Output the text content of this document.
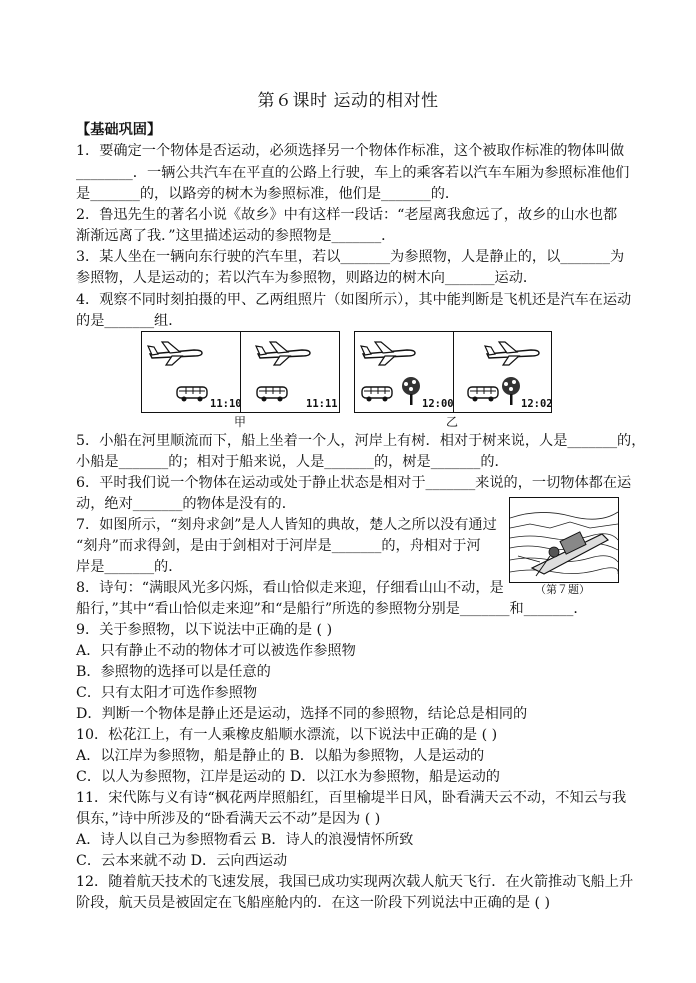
第６课时 运动的相对性
【基础巩固】
1．要确定一个物体是否运动，必须选择另一个物体作标准，这个被取作标准的物体叫做
________．一辆公共汽车在平直的公路上行驶，车上的乘客若以汽车车厢为参照标准他们
是_______的，以路旁的树木为参照标准，他们是_______的．
2．鲁迅先生的著名小说《故乡》中有这样一段话：“老屋离我愈远了，故乡的山水也都
渐渐远离了我．”这里描述运动的参照物是_______．
3．某人坐在一辆向东行驶的汽车里，若以_______为参照物，人是静止的，以_______为
参照物，人是运动的；若以汽车为参照物，则路边的树木向_______运动．
4．观察不同时刻拍摄的甲、乙两组照片（如图所示），其中能判断是飞机还是汽车在运动
的是_______组．
11:10	11:11	12:00	12:02
甲	乙
5．小船在河里顺流而下，船上坐着一个人，河岸上有树．相对于树来说，人是_______的，
小船是_______的；相对于船来说，人是_______的，树是_______的．
6．平时我们说一个物体在运动或处于静止状态是相对于_______来说的，一切物体都在运
动，绝对_______的物体是没有的．
7．如图所示，“刻舟求剑”是人人皆知的典故，楚人之所以没有通过
“刻舟”而求得剑，是由于剑相对于河岸是_______的，舟相对于河
岸是_______的．
8．诗句：“满眼风光多闪烁，看山恰似走来迎，仔细看山山不动，是
船行，”其中“看山恰似走来迎”和“是船行”所选的参照物分别是_______和_______．
9．关于参照物，以下说法中正确的是 ( )
A．只有静止不动的物体才可以被选作参照物
B．参照物的选择可以是任意的
C．只有太阳才可选作参照物
D．判断一个物体是静止还是运动，选择不同的参照物，结论总是相同的
10．松花江上，有一人乘橡皮船顺水漂流，以下说法中正确的是 ( )
A．以江岸为参照物，船是静止的 B．以船为参照物，人是运动的
C．以人为参照物，江岸是运动的 D．以江水为参照物，船是运动的
11．宋代陈与义有诗“枫花两岸照船红，百里榆堤半日风，卧看满天云不动，不知云与我
俱东，”诗中所涉及的“卧看满天云不动”是因为 ( )
A．诗人以自己为参照物看云 B．诗人的浪漫情怀所致
C．云本来就不动 D．云向西运动
12．随着航天技术的飞速发展，我国已成功实现两次载人航天飞行．在火箭推动飞船上升
阶段，航天员是被固定在飞船座舱内的．在这一阶段下列说法中正确的是 ( )
（第７题）
